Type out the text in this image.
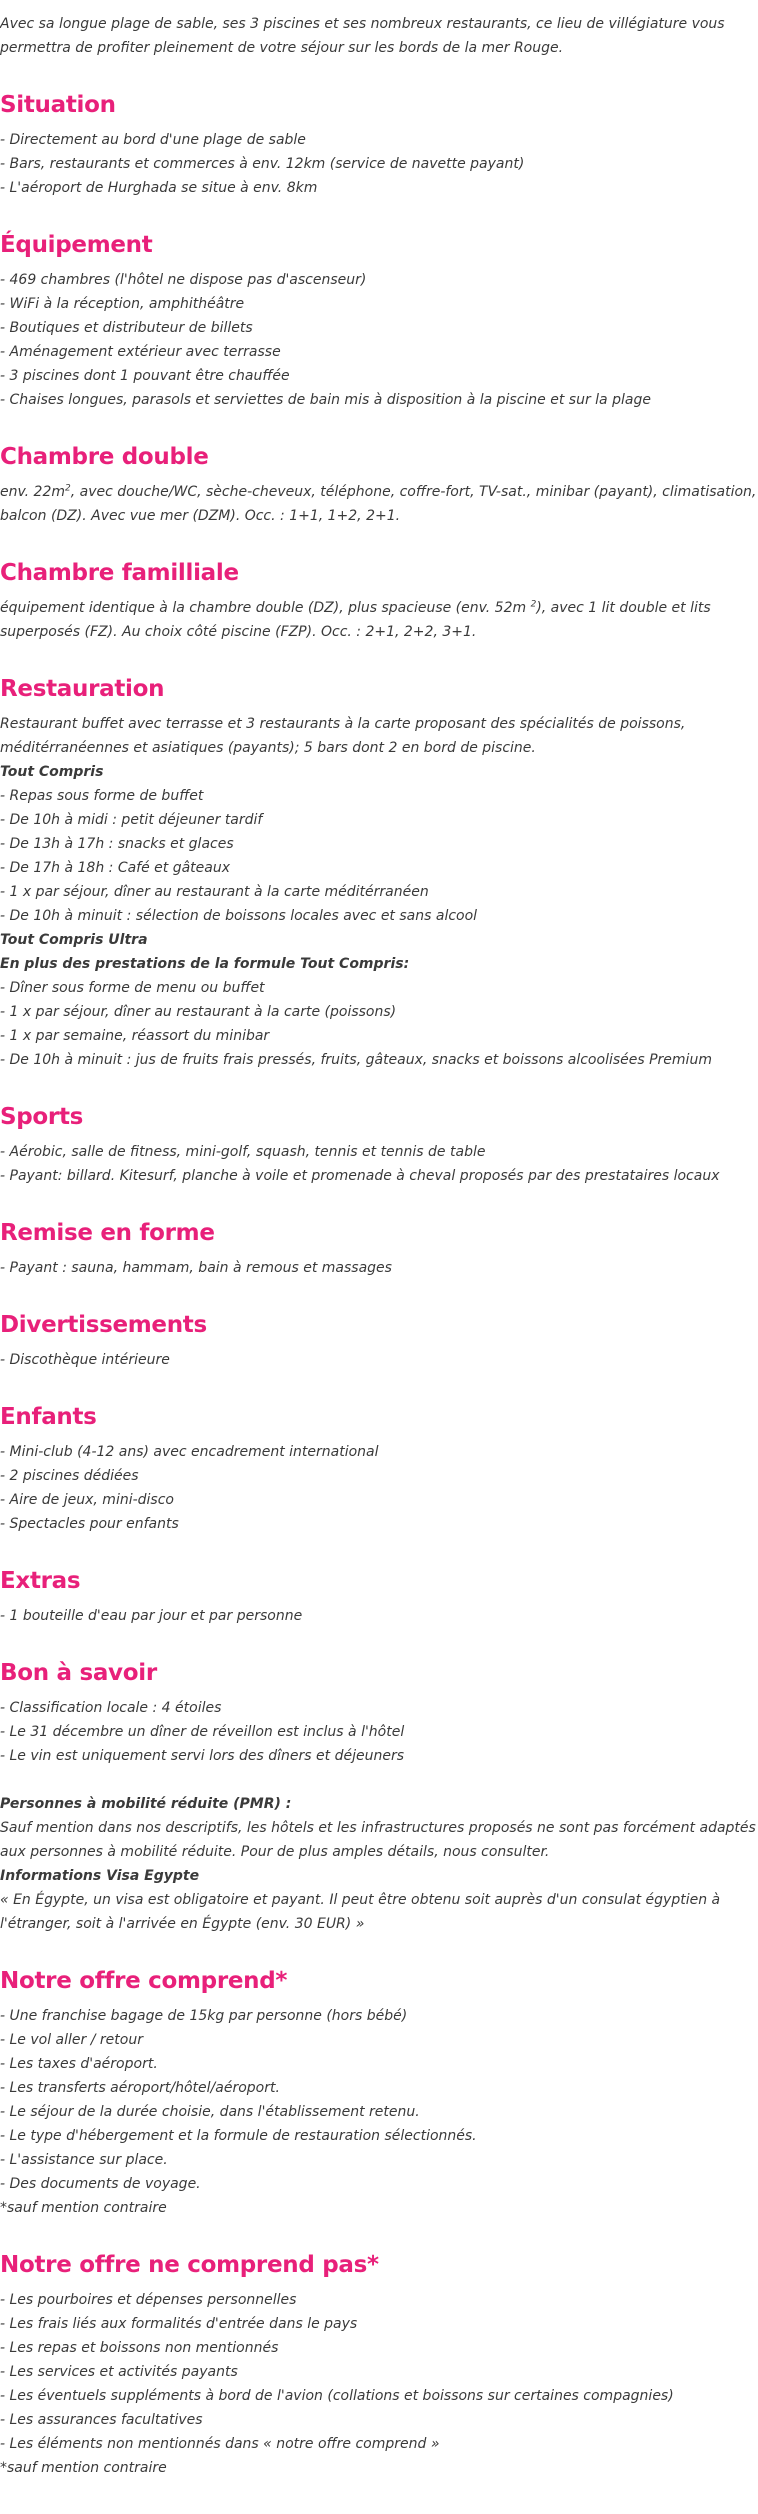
Avec sa longue plage de sable, ses 3 piscines et ses nombreux restaurants, ce lieu de villégiature vous permettra de profiter pleinement de votre séjour sur les bords de la mer Rouge.

Situation
- Directement au bord d'une plage de sable
- Bars, restaurants et commerces à env. 12km (service de navette payant)
- L'aéroport de Hurghada se situe à env. 8km
Équipement
- 469 chambres (l'hôtel ne dispose pas d'ascenseur)
- WiFi à la réception, amphithéâtre
- Boutiques et distributeur de billets
- Aménagement extérieur avec terrasse
- 3 piscines dont 1 pouvant être chauffée
- Chaises longues, parasols et serviettes de bain mis à disposition à la piscine et sur la plage
Chambre double

env. $22m^2$, avec douche/WC, sèche-cheveux, téléphone, coffre-fort, TV-sat., minibar (payant), climatisation, balcon (DZ). Avec vue mer (DZM). Occ. : 1+1, 1+2, 2+1.

Chambre familliale

équipement identique à la chambre double (DZ), plus spacieuse (env. 52m $^2$), avec 1 lit double et lits superposés (FZ). Au choix côté piscine (FZP). Occ. : 2+1, 2+2, 3+1.

Restauration

Restaurant buffet avec terrasse et 3 restaurants à la carte proposant des spécialités de poissons, méditérranéennes et asiatiques (payants); 5 bars dont 2 en bord de piscine.

Tout Compris

- Repas sous forme de buffet
- De 10h à midi : petit déjeuner tardif
- De 13h à 17h : snacks et glaces
- De 17h à 18h : Café et gâteaux
- 1 x par séjour, dîner au restaurant à la carte méditérranéen
- De 10h à minuit : sélection de boissons locales avec et sans alcool

Tout Compris Ultra

En plus des prestations de la formule Tout Compris:

- Dîner sous forme de menu ou buffet
- 1 x par séjour, dîner au restaurant à la carte (poissons)
- 1 x par semaine, réassort du minibar
- De 10h à minuit : jus de fruits frais pressés, fruits, gâteaux, snacks et boissons alcoolisées Premium
Sports
- Aérobic, salle de fitness, mini-golf, squash, tennis et tennis de table
- Payant: billard. Kitesurf, planche à voile et promenade à cheval proposés par des prestataires locaux
Remise en forme
- Payant : sauna, hammam, bain à remous et massages
Divertissements
- Discothèque intérieure
Enfants
- Mini-club (4-12 ans) avec encadrement international
- 2 piscines dédiées
- Aire de jeux, mini-disco
- Spectacles pour enfants
Extras
- 1 bouteille d'eau par jour et par personne
Bon à savoir
- Classification locale : 4 étoiles
- Le 31 décembre un dîner de réveillon est inclus à l'hôtel
- Le vin est uniquement servi lors des dîners et déjeuners

Personnes à mobilité réduite (PMR) :

Sauf mention dans nos descriptifs, les hôtels et les infrastructures proposés ne sont pas forcément adaptés aux personnes à mobilité réduite. Pour de plus amples détails, nous consulter.

Informations Visa Egypte

« En Égypte, un visa est obligatoire et payant. Il peut être obtenu soit auprès d'un consulat égyptien à l'étranger, soit à l'arrivée en Égypte (env. 30 EUR) »

Notre offre comprend*
- Une franchise bagage de 15kg par personne (hors bébé)
- Le vol aller / retour
- Les taxes d'aéroport.
- Les transferts aéroport/hôtel/aéroport.
- Le séjour de la durée choisie, dans l'établissement retenu.
- Le type d'hébergement et la formule de restauration sélectionnés.
- L'assistance sur place.
- Des documents de voyage.

*sauf mention contraire

Notre offre ne comprend pas*
- Les pourboires et dépenses personnelles
- Les frais liés aux formalités d'entrée dans le pays
- Les repas et boissons non mentionnés
- Les services et activités payants
- Les éventuels suppléments à bord de l'avion (collations et boissons sur certaines compagnies)
- Les assurances facultatives
- Les éléments non mentionnés dans « notre offre comprend »

*sauf mention contraire
